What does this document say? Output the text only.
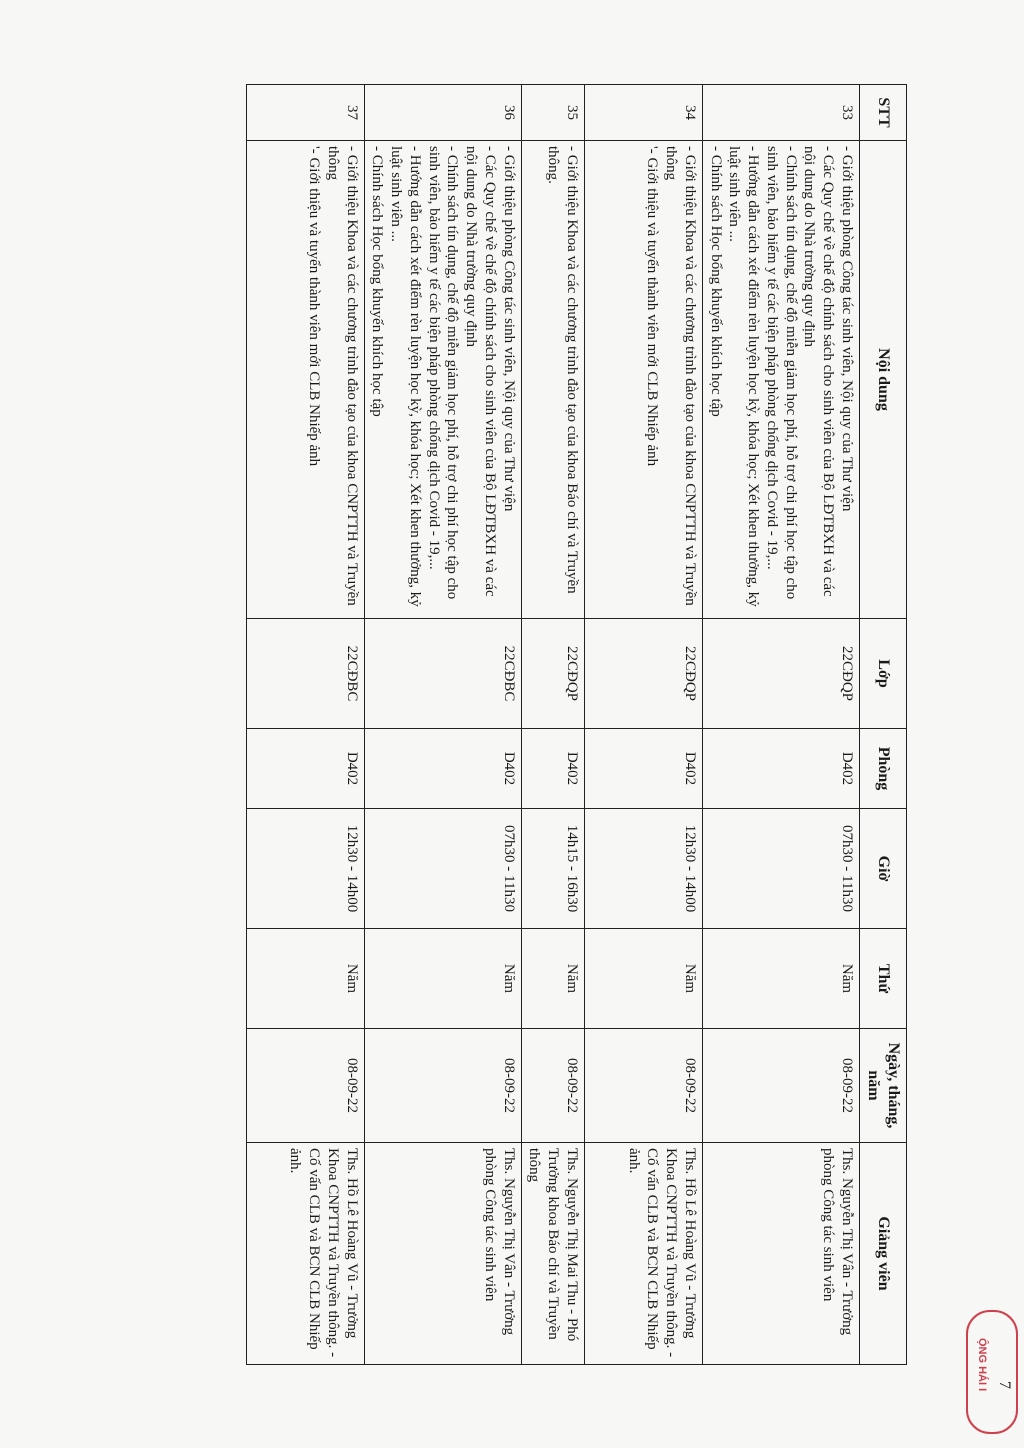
STT	Nội dung	Lớp	Phòng	Giờ	Thứ	Ngày, tháng, năm	Giảng viên
33	- Giới thiệu phòng Công tác sinh viên, Nội quy của Thư viện
- Các Quy chế về chế độ chính sách cho sinh viên của Bộ LĐTBXH và các nội dung do Nhà trường quy định
- Chính sách tín dụng, chế độ miễn giảm học phí, hỗ trợ chi phí học tập cho sinh viên, bảo hiểm y tế các biện pháp phòng chống dịch Covid - 19,...
- Hướng dẫn cách xét điểm rèn luyện học kỳ, khóa học; Xét khen thưởng, kỷ luật sinh viên ...
- Chính sách Học bổng khuyến khích học tập	22CĐQP	D402	07h30 - 11h30	Năm	08-09-22	Ths. Nguyễn Thị Vân - Trưởng phòng Công tác sinh viên
34	- Giới thiệu Khoa và các chương trình đào tạo của khoa CNPTTH và Truyền thông
'- Giới thiệu và tuyển thành viên mới CLB Nhiếp ảnh	22CĐQP	D402	12h30 - 14h00	Năm	08-09-22	Ths. Hồ Lê Hoàng Vũ - Trưởng Khoa CNPTTH và Truyền thông. - Cố vấn CLB và BCN CLB Nhiếp ảnh.
35	- Giới thiệu Khoa và các chương trình đào tạo của khoa Báo chí và Truyền thông.	22CĐQP	D402	14h15 - 16h30	Năm	08-09-22	Ths. Nguyễn Thị Mai Thu - Phó Trưởng khoa Báo chí và Truyền thông
36	- Giới thiệu phòng Công tác sinh viên, Nội quy của Thư viện
- Các Quy chế về chế độ chính sách cho sinh viên của Bộ LĐTBXH và các nội dung do Nhà trường quy định
- Chính sách tín dụng, chế độ miễn giảm học phí, hỗ trợ chi phí học tập cho sinh viên, bảo hiểm y tế các biện pháp phòng chống dịch Covid - 19,...
- Hướng dẫn cách xét điểm rèn luyện học kỳ, khóa học; Xét khen thưởng, kỷ luật sinh viên ...
- Chính sách Học bổng khuyến khích học tập	22CĐBC	D402	07h30 - 11h30	Năm	08-09-22	Ths. Nguyễn Thị Vân - Trưởng phòng Công tác sinh viên
37	- Giới thiệu Khoa và các chương trình đào tạo của khoa CNPTTH và Truyền thông
'- Giới thiệu và tuyển thành viên mới CLB Nhiếp ảnh	22CĐBC	D402	12h30 - 14h00	Năm	08-09-22	Ths. Hồ Lê Hoàng Vũ - Trưởng Khoa CNPTTH và Truyền thông. - Cố vấn CLB và BCN CLB Nhiếp ảnh.
7
ỘNG HÁI I
